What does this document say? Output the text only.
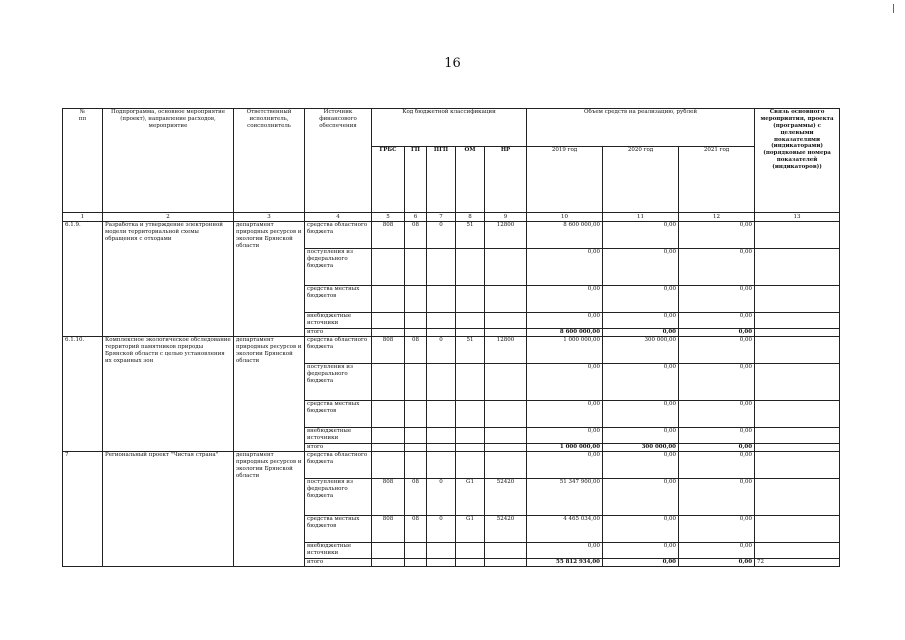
16
№
пп	Подпрограмма, основное мероприятие (проект), направление расходов, мероприятие	Ответственный исполнитель, соисполнитель	Источник финансового обеспечения	Код бюджетной классификации					Объем средств на реализацию, рублей			Связь основного мероприятия, проекта (программы) с целевыми показателями (индикаторами) (порядковые номера показателей (индикаторов))
				ГРБС	ГП	ПГП	ОМ	НР	2019 год	2020 год	2021 год	
1	2	3	4	5	6	7	8	9	10	11	12	13
6.1.9.	Разработка и утверждение электронной модели территориальной схемы обращения с отходами	департамент природных ресурсов и экологии Брянской области	средства областного бюджета	808	08	0	51	12800	8 600 000,00	0,00	0,00	
			поступления из федерального бюджета						0,00	0,00	0,00	
			средства местных бюджетов						0,00	0,00	0,00	
			внебюджетные источники						0,00	0,00	0,00	
			итого						8 600 000,00	0,00	0,00	
6.1.10.	Комплексное экологическое обследование территорий памятников природы Брянской области с целью установления их охранных зон	департамент природных ресурсов и экологии Брянской области	средства областного бюджета	808	08	0	51	12800	1 000 000,00	300 000,00	0,00	
			поступления из федерального бюджета						0,00	0,00	0,00	
			средства местных бюджетов						0,00	0,00	0,00	
			внебюджетные источники						0,00	0,00	0,00	
			итого						1 000 000,00	300 000,00	0,00	
7	Региональный проект "Чистая страна"	департамент природных ресурсов и экологии Брянской области	средства областного бюджета						0,00	0,00	0,00	
			поступления из федерального бюджета	808	08	0	G1	52420	51 347 900,00	0,00	0,00	
			средства местных бюджетов	808	08	0	G1	52420	4 465 034,00	0,00	0,00	
			внебюджетные источники						0,00	0,00	0,00	
			итого						55 812 934,00	0,00	0,00	72
